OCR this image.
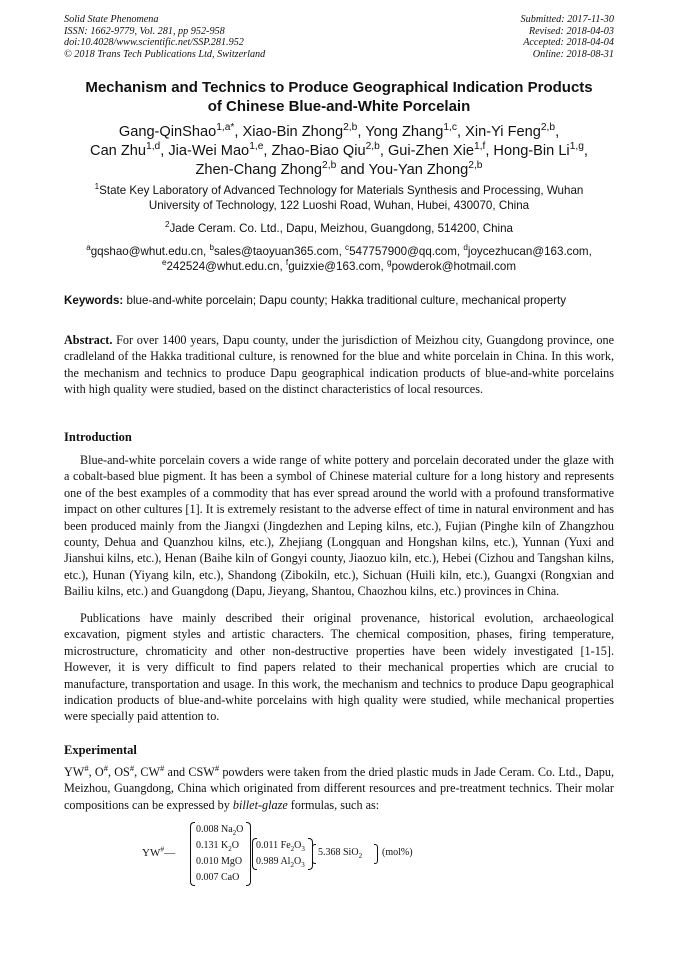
Solid State Phenomena
ISSN: 1662-9779, Vol. 281, pp 952-958
doi:10.4028/www.scientific.net/SSP.281.952
© 2018 Trans Tech Publications Ltd, Switzerland
Submitted: 2017-11-30
Revised: 2018-04-03
Accepted: 2018-04-04
Online: 2018-08-31
Mechanism and Technics to Produce Geographical Indication Products
of Chinese Blue-and-White Porcelain
Gang-QinShao$^{1,a*}$, Xiao-Bin Zhong$^{2,b}$, Yong Zhang$^{1,c}$, Xin-Yi Feng$^{2,b}$,
Can Zhu$^{1,d}$, Jia-Wei Mao$^{1,e}$, Zhao-Biao Qiu$^{2,b}$, Gui-Zhen Xie$^{1,f}$, Hong-Bin Li$^{1,g}$,
Zhen-Chang Zhong$^{2,b}$ and You-Yan Zhong$^{2,b}$
$^1$State Key Laboratory of Advanced Technology for Materials Synthesis and Processing, Wuhan
University of Technology, 122 Luoshi Road, Wuhan, Hubei, 430070, China
$^2$Jade Ceram. Co. Ltd., Dapu, Meizhou, Guangdong, 514200, China
$^a$gqshao@whut.edu.cn, $^b$sales@taoyuan365.com, $^c$547757900@qq.com, $^d$joycezhucan@163.com,
$^e$242524@whut.edu.cn, $^f$guizxie@163.com, $^g$powderok@hotmail.com
Keywords: blue-and-white porcelain; Dapu county; Hakka traditional culture, mechanical property
Abstract. For over 1400 years, Dapu county, under the jurisdiction of Meizhou city, Guangdong province, one cradleland of the Hakka traditional culture, is renowned for the blue and white porcelain in China. In this work, the mechanism and technics to produce Dapu geographical indication products of blue-and-white porcelains with high quality were studied, based on the distinct characteristics of local resources.
Introduction
Blue-and-white porcelain covers a wide range of white pottery and porcelain decorated under the glaze with a cobalt-based blue pigment. It has been a symbol of Chinese material culture for a long history and represents one of the best examples of a commodity that has ever spread around the world with a profound transformative impact on other cultures [1]. It is extremely resistant to the adverse effect of time in natural environment and has been produced mainly from the Jiangxi (Jingdezhen and Leping kilns, etc.), Fujian (Pinghe kiln of Zhangzhou county, Dehua and Quanzhou kilns, etc.), Zhejiang (Longquan and Hongshan kilns, etc.), Yunnan (Yuxi and Jianshui kilns, etc.), Henan (Baihe kiln of Gongyi county, Jiaozuo kiln, etc.), Hebei (Cizhou and Tangshan kilns, etc.), Hunan (Yiyang kiln, etc.), Shandong (Zibokiln, etc.), Sichuan (Huili kiln, etc.), Guangxi (Rongxian and Bailiu kilns, etc.) and Guangdong (Dapu, Jieyang, Shantou, Chaozhou kilns, etc.) provinces in China.
Publications have mainly described their original provenance, historical evolution, archaeological excavation, pigment styles and artistic characters. The chemical composition, phases, firing temperature, microstructure, chromaticity and other non-destructive properties have been widely investigated [1-15]. However, it is very difficult to find papers related to their mechanical properties which are crucial to manufacture, transportation and usage. In this work, the mechanism and technics to produce Dapu geographical indication products of blue-and-white porcelains with high quality were studied, while mechanical properties were specially paid attention to.
Experimental
YW#, O#, OS#, CW# and CSW# powders were taken from the dried plastic muds in Jade Ceram. Co. Ltd., Dapu, Meizhou, Guangdong, China which originated from different resources and pre-treatment technics. Their molar compositions can be expressed by billet-glaze formulas, such as:
YW#—
0.008 $Na_2O$
0.131 $K_2O$
0.010 MgO
0.007 CaO
0.011 $Fe_2O_3$
0.989 $Al_2O_3$
5.368 SiO$_2$ (mol%)
